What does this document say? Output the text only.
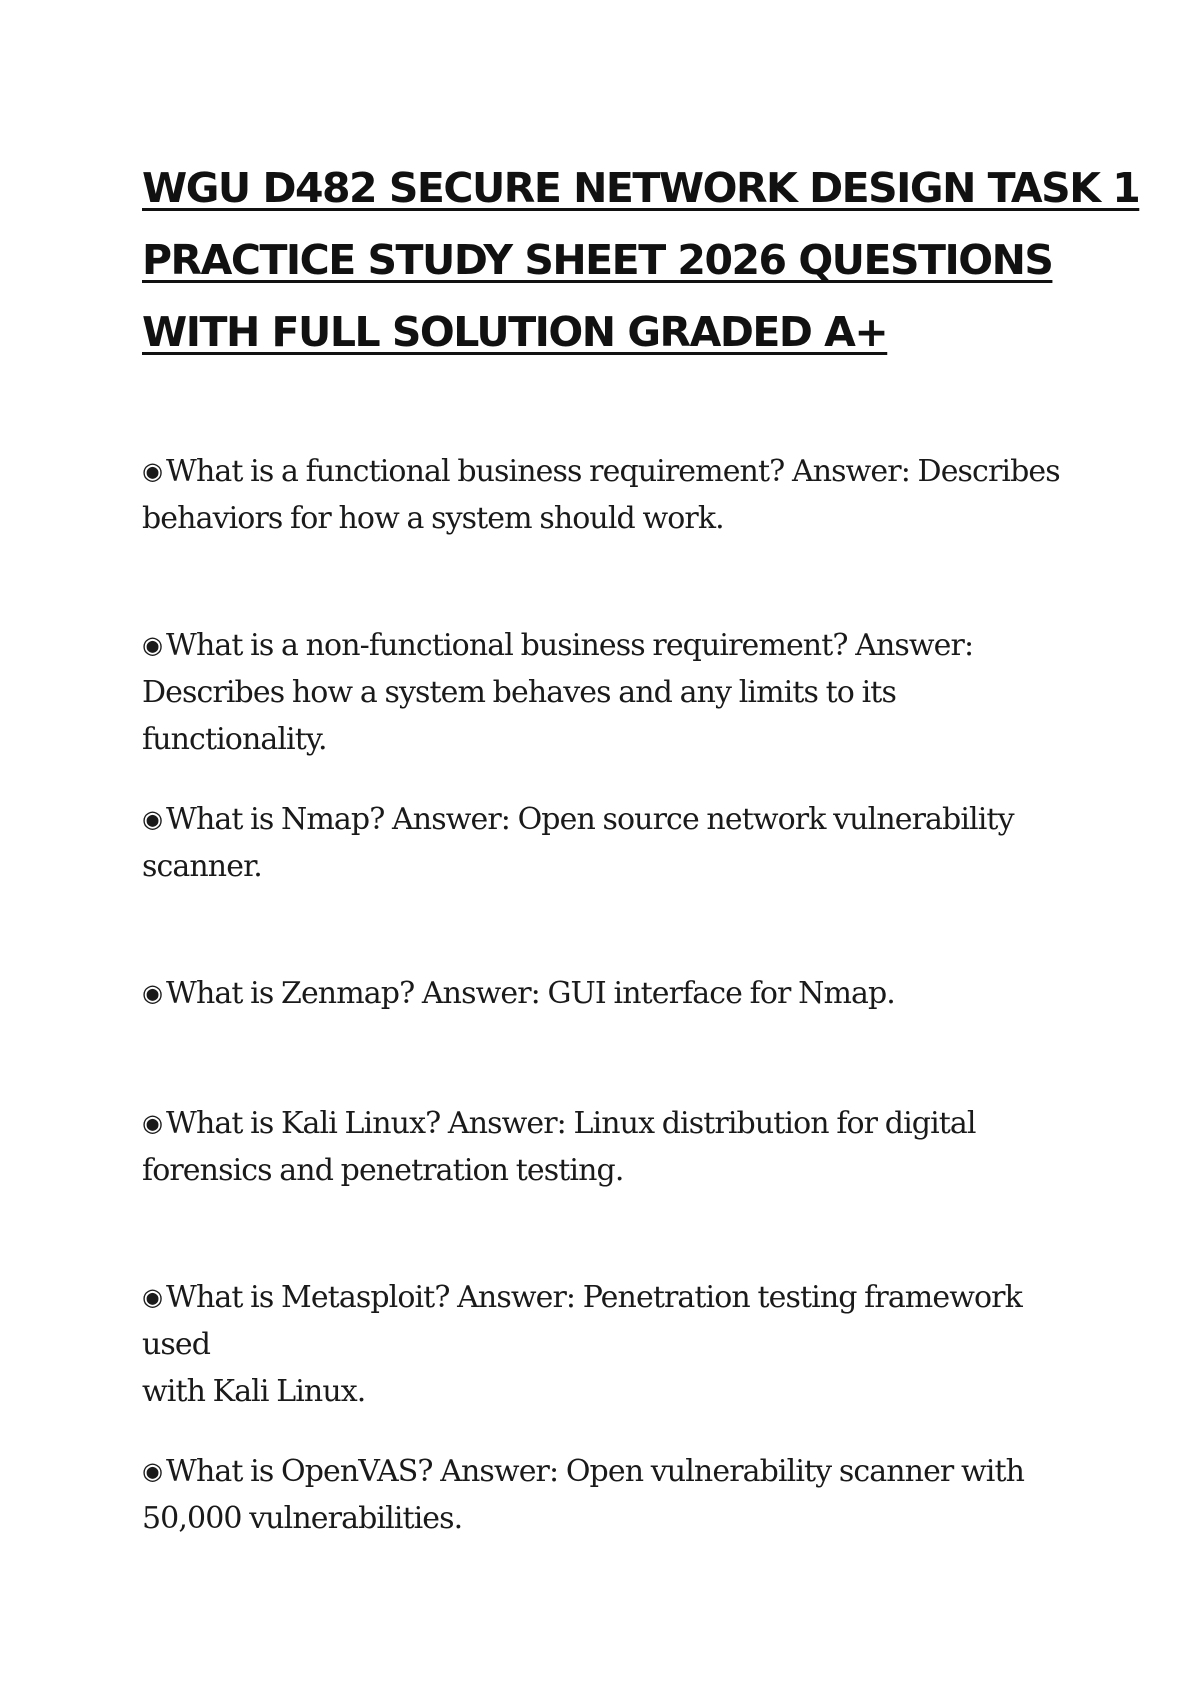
WGU D482 SECURE NETWORK DESIGN TASK 1
PRACTICE STUDY SHEET 2026 QUESTIONS
WITH FULL SOLUTION GRADED A+
◉ What is a functional business requirement? Answer: Describes
behaviors for how a system should work.
◉ What is a non-functional business requirement? Answer:
Describes how a system behaves and any limits to its functionality.
◉ What is Nmap? Answer: Open source network vulnerability
scanner.
◉ What is Zenmap? Answer: GUI interface for Nmap.
◉ What is Kali Linux? Answer: Linux distribution for digital
forensics and penetration testing.
◉ What is Metasploit? Answer: Penetration testing framework used
with Kali Linux.
◉ What is OpenVAS? Answer: Open vulnerability scanner with
50,000 vulnerabilities.
